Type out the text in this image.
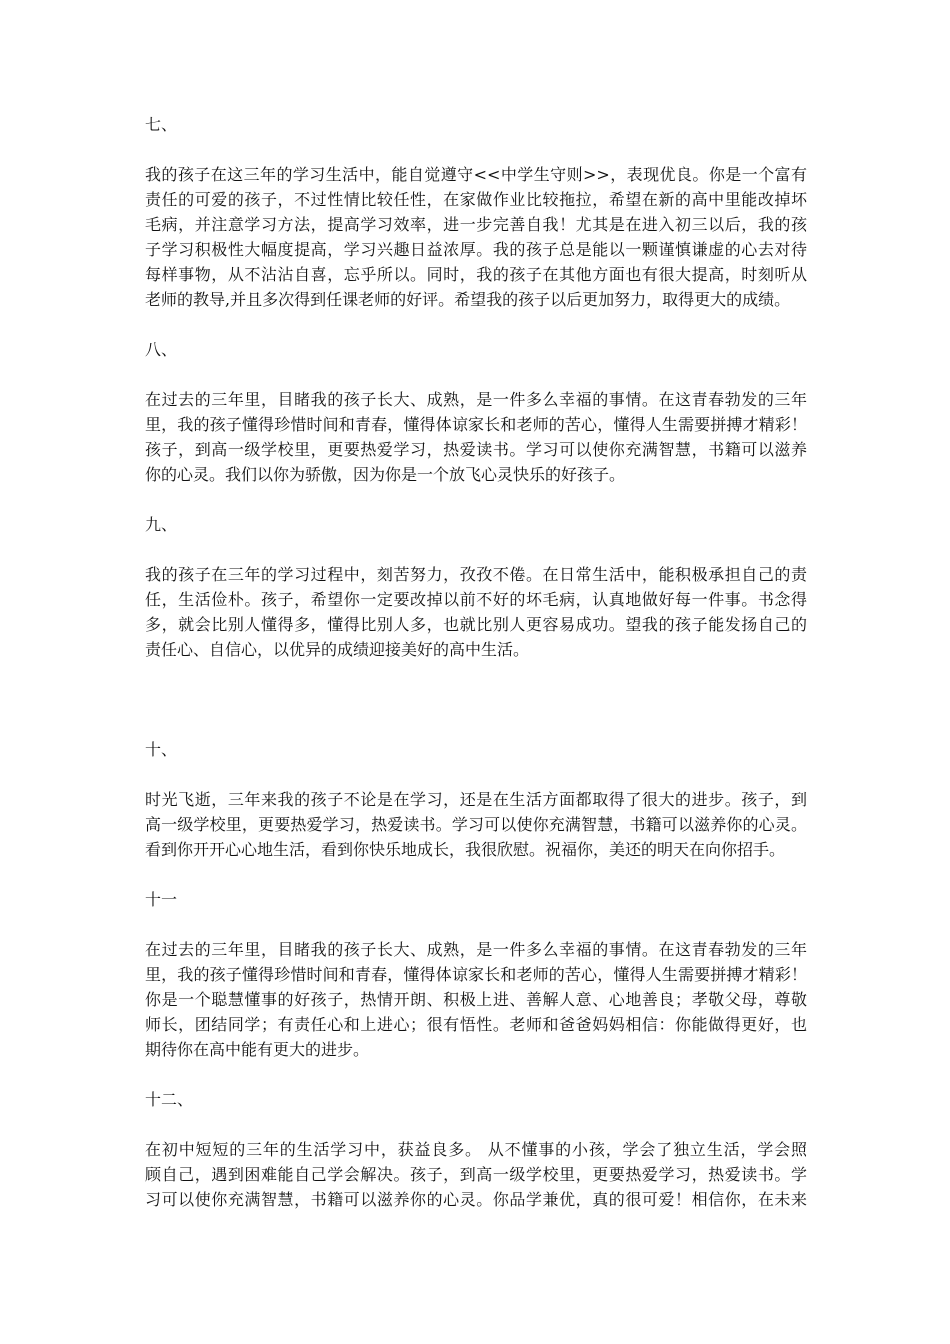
七、
我的孩子在这三年的学习生活中，能自觉遵守<<中学生守则>>，表现优良。你是一个富有
责任的可爱的孩子，不过性情比较任性，在家做作业比较拖拉，希望在新的高中里能改掉坏
毛病，并注意学习方法，提高学习效率，进一步完善自我！尤其是在进入初三以后，我的孩
子学习积极性大幅度提高，学习兴趣日益浓厚。我的孩子总是能以一颗谨慎谦虚的心去对待
每样事物，从不沾沾自喜，忘乎所以。同时，我的孩子在其他方面也有很大提高，时刻听从
老师的教导,并且多次得到任课老师的好评。希望我的孩子以后更加努力，取得更大的成绩。
八、
在过去的三年里，目睹我的孩子长大、成熟，是一件多么幸福的事情。在这青春勃发的三年
里，我的孩子懂得珍惜时间和青春，懂得体谅家长和老师的苦心，懂得人生需要拼搏才精彩！
孩子，到高一级学校里，更要热爱学习，热爱读书。学习可以使你充满智慧，书籍可以滋养
你的心灵。我们以你为骄傲，因为你是一个放飞心灵快乐的好孩子。
九、
我的孩子在三年的学习过程中，刻苦努力，孜孜不倦。在日常生活中，能积极承担自己的责
任，生活俭朴。孩子，希望你一定要改掉以前不好的坏毛病，认真地做好每一件事。书念得
多，就会比别人懂得多，懂得比别人多，也就比别人更容易成功。望我的孩子能发扬自己的
责任心、自信心，以优异的成绩迎接美好的高中生活。
十、
时光飞逝，三年来我的孩子不论是在学习，还是在生活方面都取得了很大的进步。孩子，到
高一级学校里，更要热爱学习，热爱读书。学习可以使你充满智慧，书籍可以滋养你的心灵。
看到你开开心心地生活，看到你快乐地成长，我很欣慰。祝福你，美还的明天在向你招手。
十一
在过去的三年里，目睹我的孩子长大、成熟，是一件多么幸福的事情。在这青春勃发的三年
里，我的孩子懂得珍惜时间和青春，懂得体谅家长和老师的苦心，懂得人生需要拼搏才精彩！
你是一个聪慧懂事的好孩子，热情开朗、积极上进、善解人意、心地善良；孝敬父母，尊敬
师长，团结同学；有责任心和上进心；很有悟性。老师和爸爸妈妈相信：你能做得更好，也
期待你在高中能有更大的进步。
十二、
在初中短短的三年的生活学习中，获益良多。 从不懂事的小孩，学会了独立生活，学会照
顾自己，遇到困难能自己学会解决。孩子，到高一级学校里，更要热爱学习，热爱读书。学
习可以使你充满智慧，书籍可以滋养你的心灵。你品学兼优，真的很可爱！相信你，在未来
